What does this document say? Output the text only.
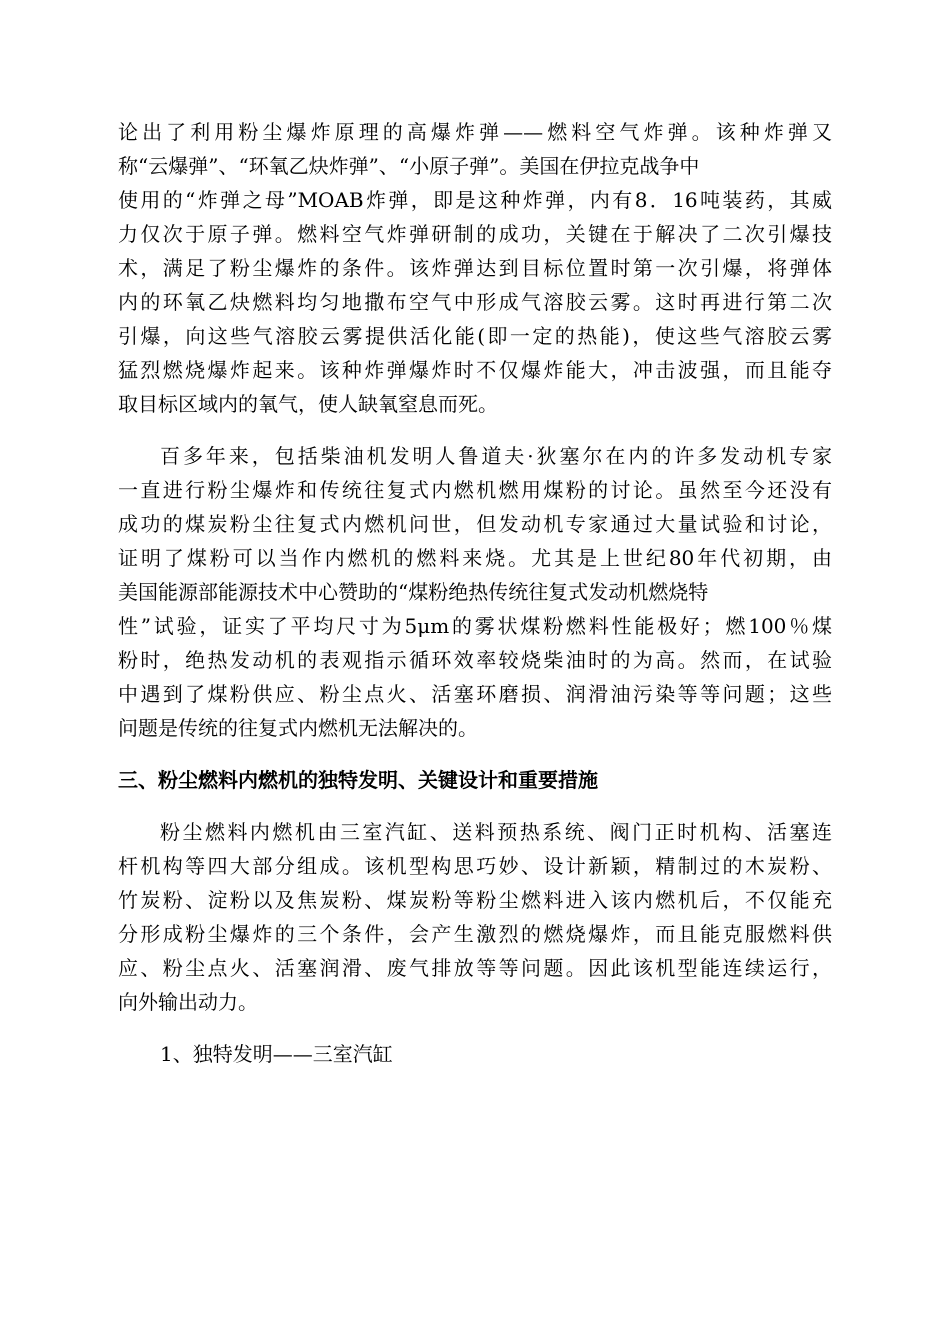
论出了利用粉尘爆炸原理的高爆炸弹——燃料空气炸弹。该种炸弹又
称“云爆弹”、“环氧乙炔炸弹”、“小原子弹”。美国在伊拉克战争中
使用的“炸弹之母”MOAB炸弹，即是这种炸弹，内有8．16吨装药，其威
力仅次于原子弹。燃料空气炸弹研制的成功，关键在于解决了二次引爆技
术，满足了粉尘爆炸的条件。该炸弹达到目标位置时第一次引爆，将弹体
内的环氧乙炔燃料均匀地撒布空气中形成气溶胶云雾。这时再进行第二次
引爆，向这些气溶胶云雾提供活化能(即一定的热能)，使这些气溶胶云雾
猛烈燃烧爆炸起来。该种炸弹爆炸时不仅爆炸能大，冲击波强，而且能夺
取目标区域内的氧气，使人缺氧窒息而死。
百多年来，包括柴油机发明人鲁道夫·狄塞尔在内的许多发动机专家
一直进行粉尘爆炸和传统往复式内燃机燃用煤粉的讨论。虽然至今还没有
成功的煤炭粉尘往复式内燃机问世，但发动机专家通过大量试验和讨论，
证明了煤粉可以当作内燃机的燃料来烧。尤其是上世纪80年代初期，由
美国能源部能源技术中心赞助的“煤粉绝热传统往复式发动机燃烧特
性”试验，证实了平均尺寸为5μm的雾状煤粉燃料性能极好；燃100％煤
粉时，绝热发动机的表观指示循环效率较烧柴油时的为高。然而，在试验
中遇到了煤粉供应、粉尘点火、活塞环磨损、润滑油污染等等问题；这些
问题是传统的往复式内燃机无法解决的。
三、粉尘燃料内燃机的独特发明、关键设计和重要措施
粉尘燃料内燃机由三室汽缸、送料预热系统、阀门正时机构、活塞连
杆机构等四大部分组成。该机型构思巧妙、设计新颖，精制过的木炭粉、
竹炭粉、淀粉以及焦炭粉、煤炭粉等粉尘燃料进入该内燃机后，不仅能充
分形成粉尘爆炸的三个条件，会产生激烈的燃烧爆炸，而且能克服燃料供
应、粉尘点火、活塞润滑、废气排放等等问题。因此该机型能连续运行，
向外输出动力。
1、独特发明——三室汽缸
